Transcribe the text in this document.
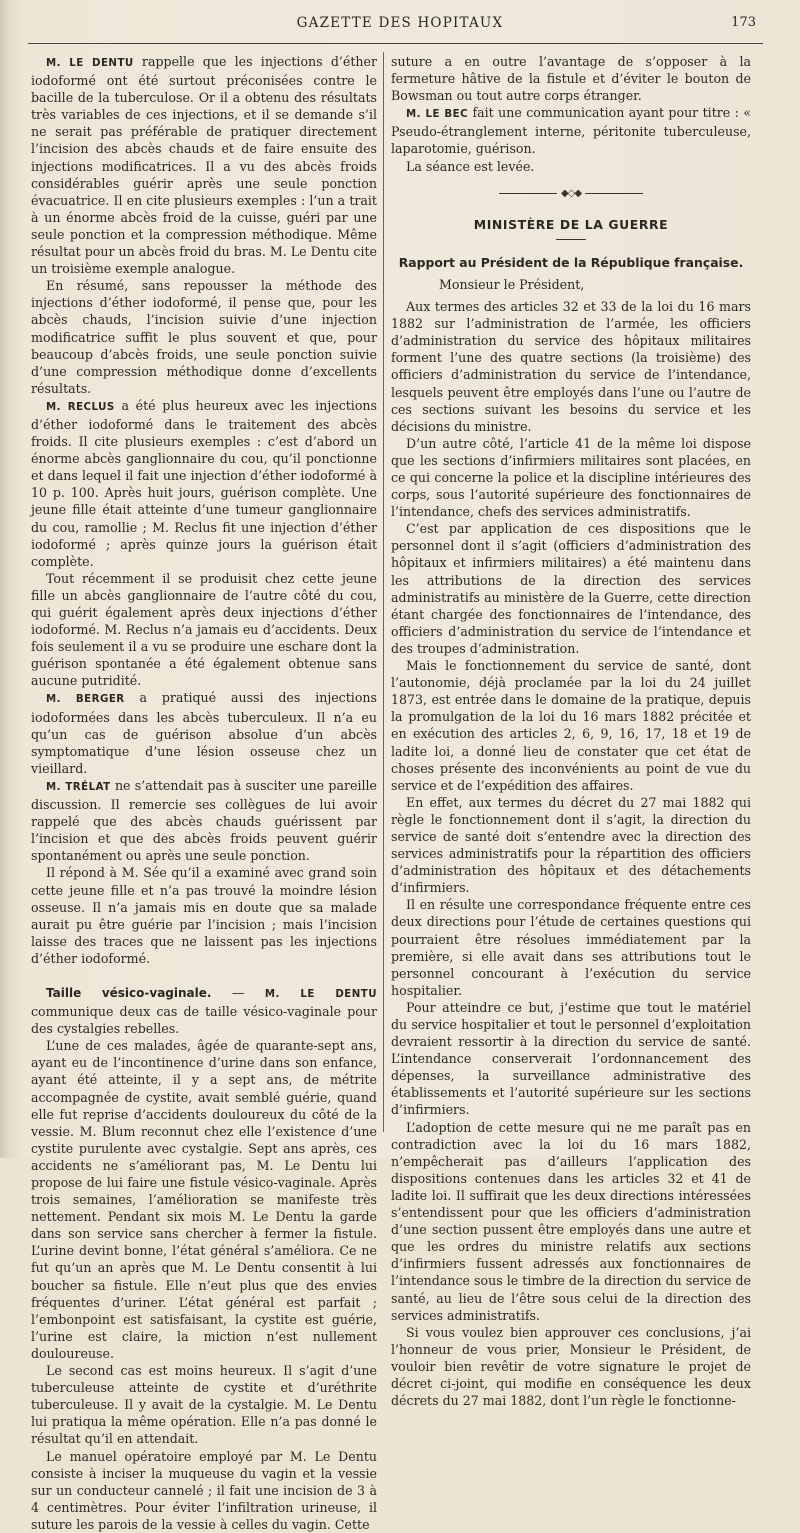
GAZETTE DES HOPITAUX	173

M. LE DENTU rappelle que les injections d’éther iodoformé ont été surtout préconisées contre le bacille de la tuberculose. Or il a obtenu des résultats très variables de ces injections, et il se demande s’il ne serait pas préférable de pratiquer directement l’incision des abcès chauds et de faire ensuite des injections modificatrices. Il a vu des abcès froids considérables guérir après une seule ponction évacuatrice. Il en cite plusieurs exemples : l’un a trait à un énorme abcès froid de la cuisse, guéri par une seule ponction et la compression méthodique. Même résultat pour un abcès froid du bras. M. Le Dentu cite un troisième exemple analogue.

En résumé, sans repousser la méthode des injections d’éther iodoformé, il pense que, pour les abcès chauds, l’incision suivie d’une injection modificatrice suffit le plus souvent et que, pour beaucoup d’abcès froids, une seule ponction suivie d’une compression méthodique donne d’excellents résultats.

M. RECLUS a été plus heureux avec les injections d’éther iodoformé dans le traitement des abcès froids. Il cite plusieurs exemples : c’est d’abord un énorme abcès ganglionnaire du cou, qu’il ponctionne et dans lequel il fait une injection d’éther iodoformé à 10 p. 100. Après huit jours, guérison complète. Une jeune fille était atteinte d’une tumeur ganglionnaire du cou, ramollie ; M. Reclus fit une injection d’éther iodoformé ; après quinze jours la guérison était complète.

Tout récemment il se produisit chez cette jeune fille un abcès ganglionnaire de l’autre côté du cou, qui guérit également après deux injections d’éther iodoformé. M. Reclus n’a jamais eu d’accidents. Deux fois seulement il a vu se produire une eschare dont la guérison spontanée a été également obtenue sans aucune putridité.

M. BERGER a pratiqué aussi des injections iodoformées dans les abcès tuberculeux. Il n’a eu qu’un cas de guérison absolue d’un abcès symptomatique d’une lésion osseuse chez un vieillard.

M. TRÉLAT ne s’attendait pas à susciter une pareille discussion. Il remercie ses collègues de lui avoir rappelé que des abcès chauds guérissent par l’incision et que des abcès froids peuvent guérir spontanément ou après une seule ponction.

Il répond à M. Sée qu’il a examiné avec grand soin cette jeune fille et n’a pas trouvé la moindre lésion osseuse. Il n’a jamais mis en doute que sa malade aurait pu être guérie par l’incision ; mais l’incision laisse des traces que ne laissent pas les injections d’éther iodoformé.

Taille vésico-vaginale. — M. LE DENTU communique deux cas de taille vésico-vaginale pour des cystalgies rebelles.

L’une de ces malades, âgée de quarante-sept ans, ayant eu de l’incontinence d’urine dans son enfance, ayant été atteinte, il y a sept ans, de métrite accompagnée de cystite, avait semblé guérie, quand elle fut reprise d’accidents douloureux du côté de la vessie. M. Blum reconnut chez elle l’existence d’une cystite purulente avec cystalgie. Sept ans après, ces accidents ne s’améliorant pas, M. Le Dentu lui propose de lui faire une fistule vésico-vaginale. Après trois semaines, l’amélioration se manifeste très nettement. Pendant six mois M. Le Dentu la garde dans son service sans chercher à fermer la fistule. L’urine devint bonne, l’état général s’améliora. Ce ne fut qu’un an après que M. Le Dentu consentit à lui boucher sa fistule. Elle n’eut plus que des envies fréquentes d’uriner. L’état général est parfait ; l’embonpoint est satisfaisant, la cystite est guérie, l’urine est claire, la miction n’est nullement douloureuse.

Le second cas est moins heureux. Il s’agit d’une tuberculeuse atteinte de cystite et d’uréthrite tuberculeuse. Il y avait de la cystalgie. M. Le Dentu lui pratiqua la même opération. Elle n’a pas donné le résultat qu’il en attendait.

Le manuel opératoire employé par M. Le Dentu consiste à inciser la muqueuse du vagin et la vessie sur un conducteur cannelé ; il fait une incision de 3 à 4 centimètres. Pour éviter l’infiltration urineuse, il suture les parois de la vessie à celles du vagin. Cette

suture a en outre l’avantage de s’opposer à la fermeture hâtive de la fistule et d’éviter le bouton de Bowsman ou tout autre corps étranger.

M. LE BEC fait une communication ayant pour titre : « Pseudo-étranglement interne, péritonite tuberculeuse, laparotomie, guérison.

La séance est levée.

◆◇◆
MINISTÈRE DE LA GUERRE
Rapport au Président de la République française.

Monsieur le Président,

Aux termes des articles 32 et 33 de la loi du 16 mars 1882 sur l’administration de l’armée, les officiers d’administration du service des hôpitaux militaires forment l’une des quatre sections (la troisième) des officiers d’administration du service de l’intendance, lesquels peuvent être employés dans l’une ou l’autre de ces sections suivant les besoins du service et les décisions du ministre.

D’un autre côté, l’article 41 de la même loi dispose que les sections d’infirmiers militaires sont placées, en ce qui concerne la police et la discipline intérieures des corps, sous l’autorité supérieure des fonctionnaires de l’intendance, chefs des services administratifs.

C’est par application de ces dispositions que le personnel dont il s’agit (officiers d’administration des hôpitaux et infirmiers militaires) a été maintenu dans les attributions de la direction des services administratifs au ministère de la Guerre, cette direction étant chargée des fonctionnaires de l’intendance, des officiers d’administration du service de l’intendance et des troupes d’administration.

Mais le fonctionnement du service de santé, dont l’autonomie, déjà proclamée par la loi du 24 juillet 1873, est entrée dans le domaine de la pratique, depuis la promulgation de la loi du 16 mars 1882 précitée et en exécution des articles 2, 6, 9, 16, 17, 18 et 19 de ladite loi, a donné lieu de constater que cet état de choses présente des inconvénients au point de vue du service et de l’expédition des affaires.

En effet, aux termes du décret du 27 mai 1882 qui règle le fonctionnement dont il s’agit, la direction du service de santé doit s’entendre avec la direction des services administratifs pour la répartition des officiers d’administration des hôpitaux et des détachements d’infirmiers.

Il en résulte une correspondance fréquente entre ces deux directions pour l’étude de certaines questions qui pourraient être résolues immédiatement par la première, si elle avait dans ses attributions tout le personnel concourant à l’exécution du service hospitalier.

Pour atteindre ce but, j’estime que tout le matériel du service hospitalier et tout le personnel d’exploitation devraient ressortir à la direction du service de santé. L’intendance conserverait l’ordonnancement des dépenses, la surveillance administrative des établissements et l’autorité supérieure sur les sections d’infirmiers.

L’adoption de cette mesure qui ne me paraît pas en contradiction avec la loi du 16 mars 1882, n’empêcherait pas d’ailleurs l’application des dispositions contenues dans les articles 32 et 41 de ladite loi. Il suffirait que les deux directions intéressées s’entendissent pour que les officiers d’administration d’une section pussent être employés dans une autre et que les ordres du ministre relatifs aux sections d’infirmiers fussent adressés aux fonctionnaires de l’intendance sous le timbre de la direction du service de santé, au lieu de l’être sous celui de la direction des services administratifs.

Si vous voulez bien approuver ces conclusions, j’ai l’honneur de vous prier, Monsieur le Président, de vouloir bien revêtir de votre signature le projet de décret ci-joint, qui modifie en conséquence les deux décrets du 27 mai 1882, dont l’un règle le fonctionne-
